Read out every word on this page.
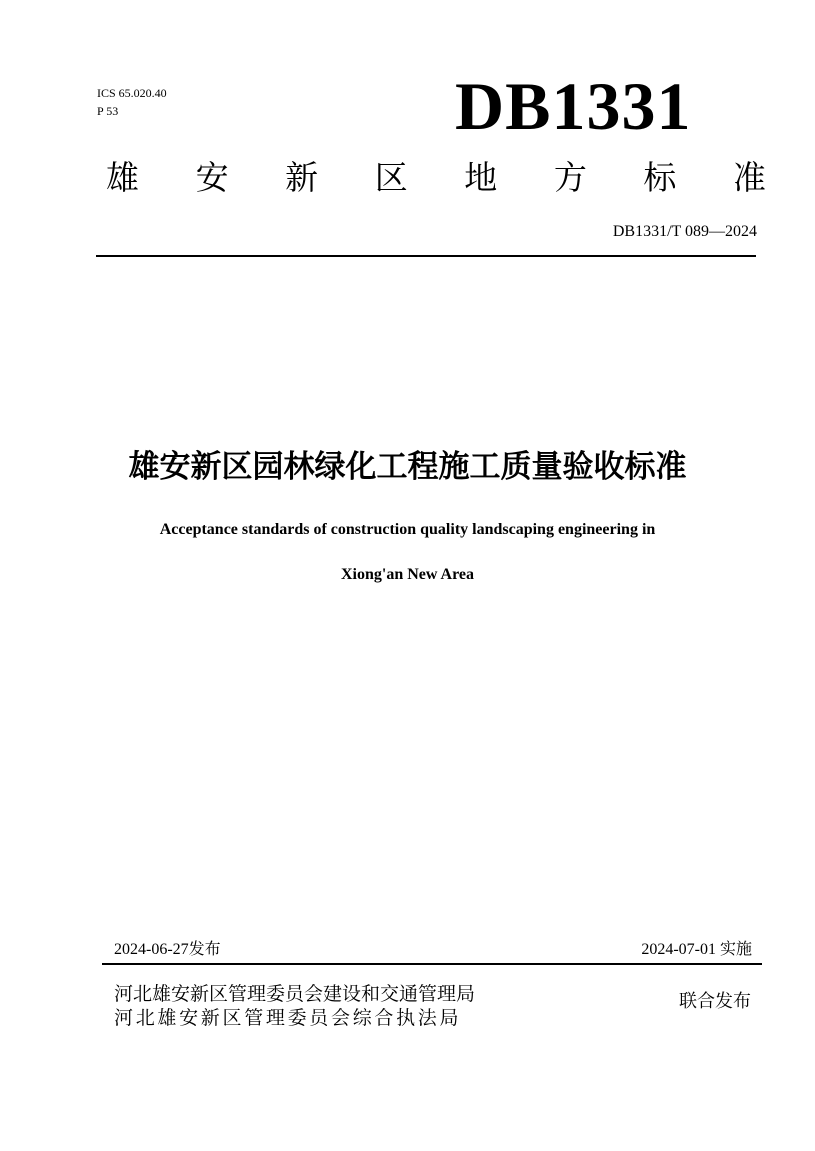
ICS 65.020.40
P 53	DB1331
雄 安 新 区 地 方 标 准
DB1331/T 089—2024
雄安新区园林绿化工程施工质量验收标准
Acceptance standards of construction quality landscaping engineering in
Xiong'an New Area
2024-06-27发布	2024-07-01 实施
河北雄安新区管理委员会建设和交通管理局
河北雄安新区管理委员会综合执法局
联合发布
